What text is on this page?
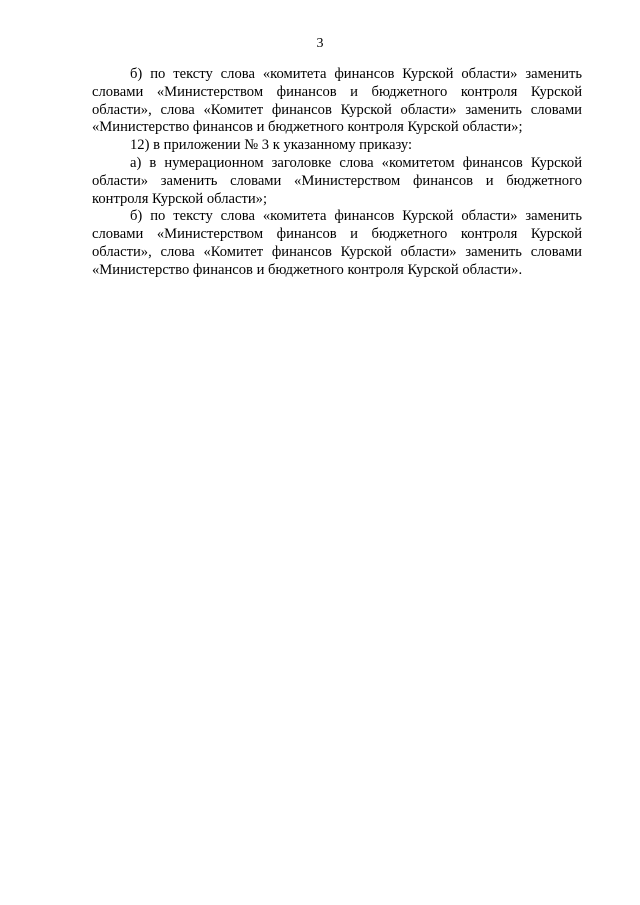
3

б) по тексту слова «комитета финансов Курской области» заменить словами «Министерством финансов и бюджетного контроля Курской области», слова «Комитет финансов Курской области» заменить словами «Министерство финансов и бюджетного контроля Курской области»;

12) в приложении № 3 к указанному приказу:

а) в нумерационном заголовке слова «комитетом финансов Курской области» заменить словами «Министерством финансов и бюджетного контроля Курской области»;

б) по тексту слова «комитета финансов Курской области» заменить словами «Министерством финансов и бюджетного контроля Курской области», слова «Комитет финансов Курской области» заменить словами «Министерство финансов и бюджетного контроля Курской области».
